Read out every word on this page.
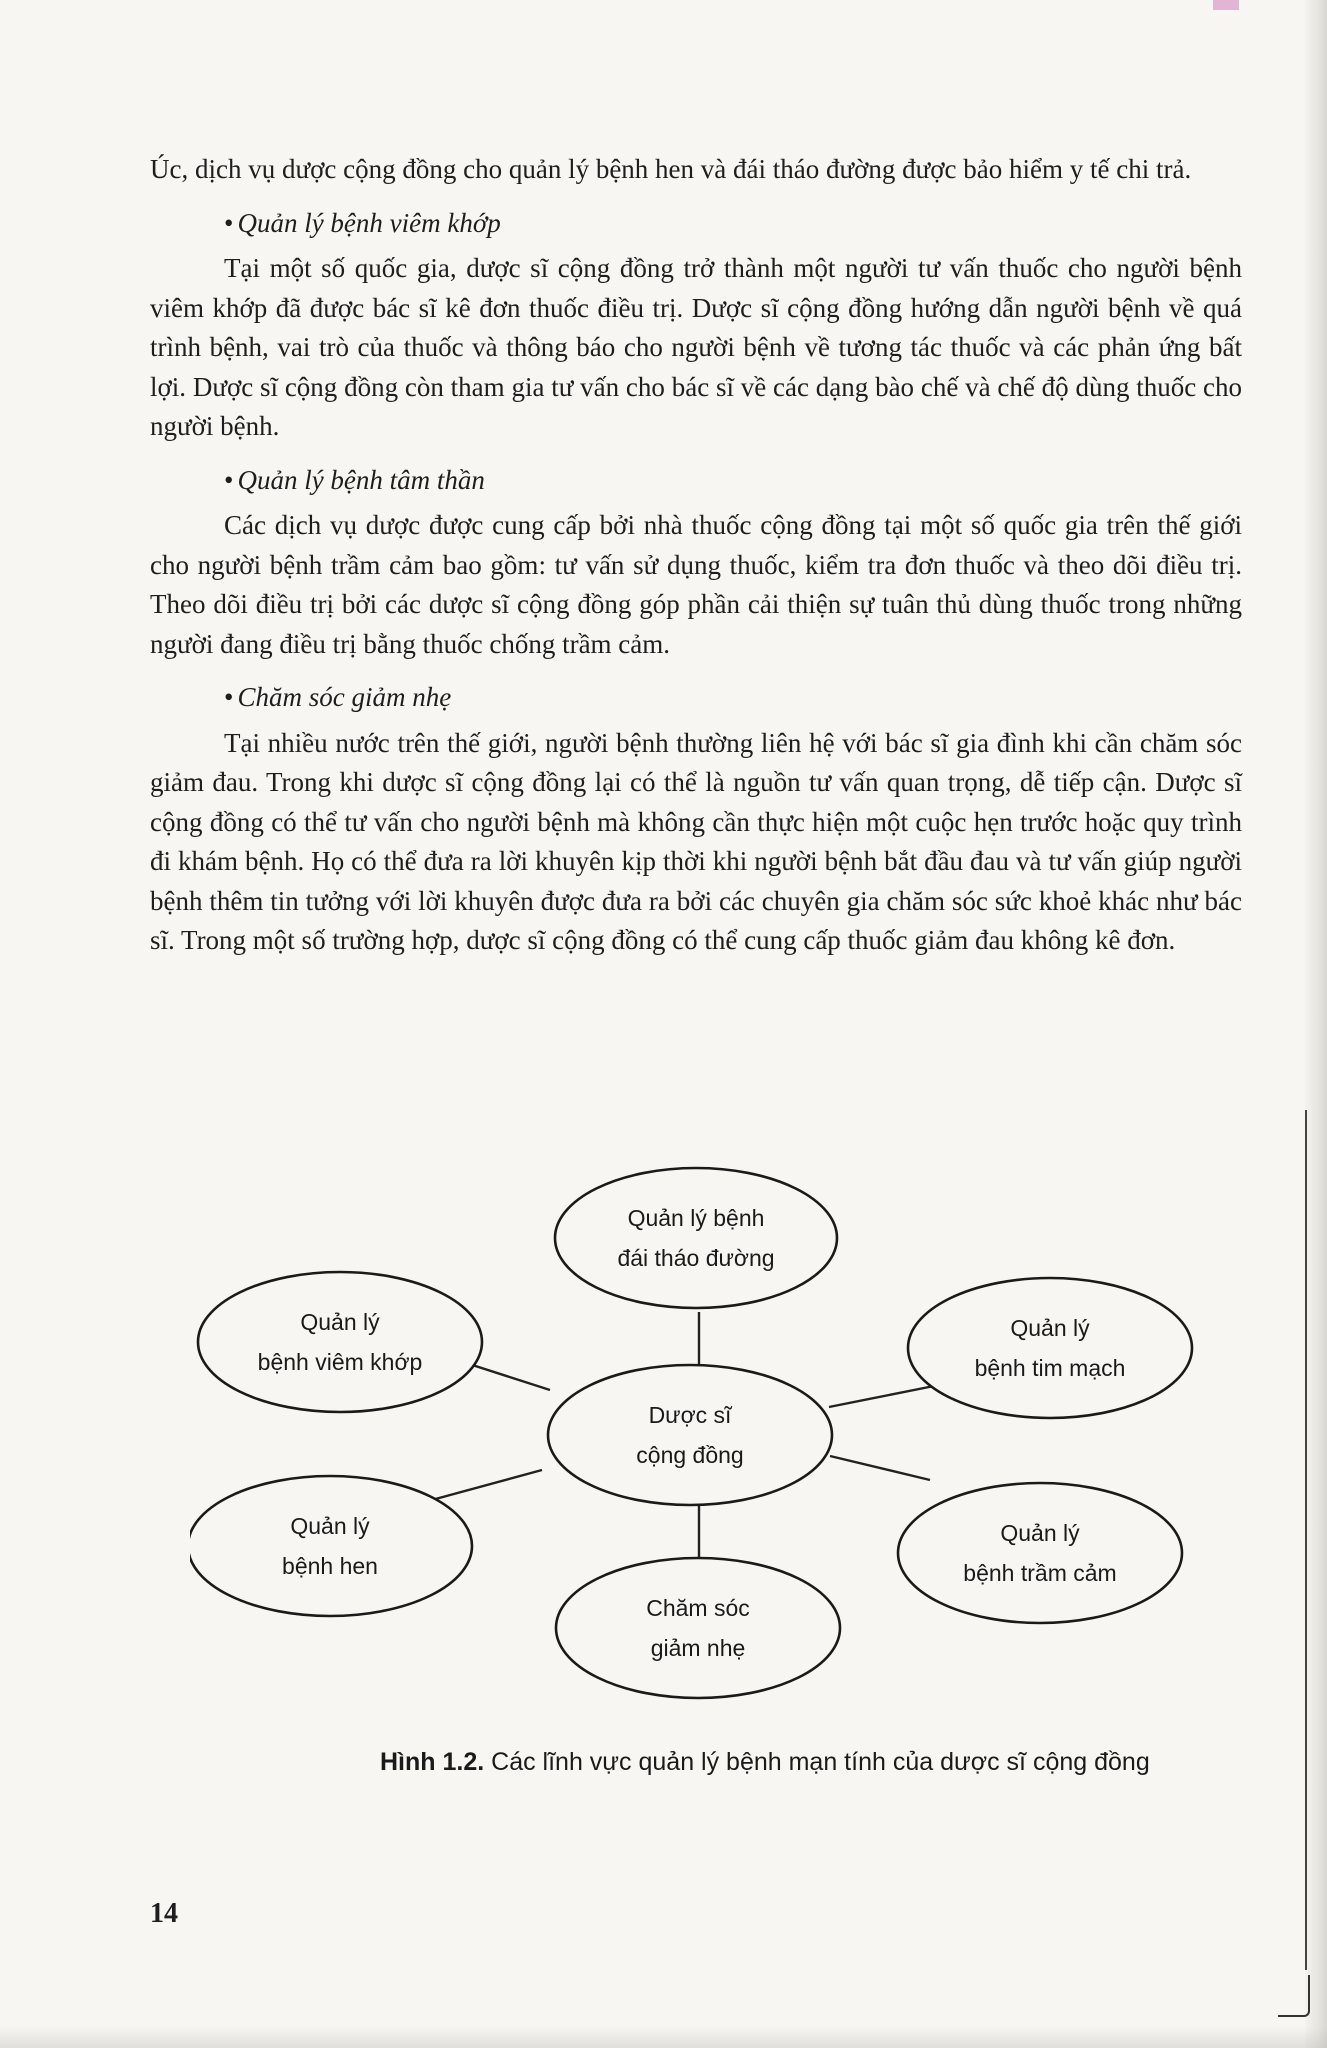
Úc, dịch vụ dược cộng đồng cho quản lý bệnh hen và đái tháo đường được bảo hiểm y tế chi trả.

• Quản lý bệnh viêm khớp

Tại một số quốc gia, dược sĩ cộng đồng trở thành một người tư vấn thuốc cho người bệnh viêm khớp đã được bác sĩ kê đơn thuốc điều trị. Dược sĩ cộng đồng hướng dẫn người bệnh về quá trình bệnh, vai trò của thuốc và thông báo cho người bệnh về tương tác thuốc và các phản ứng bất lợi. Dược sĩ cộng đồng còn tham gia tư vấn cho bác sĩ về các dạng bào chế và chế độ dùng thuốc cho người bệnh.

• Quản lý bệnh tâm thần

Các dịch vụ dược được cung cấp bởi nhà thuốc cộng đồng tại một số quốc gia trên thế giới cho người bệnh trầm cảm bao gồm: tư vấn sử dụng thuốc, kiểm tra đơn thuốc và theo dõi điều trị. Theo dõi điều trị bởi các dược sĩ cộng đồng góp phần cải thiện sự tuân thủ dùng thuốc trong những người đang điều trị bằng thuốc chống trầm cảm.

• Chăm sóc giảm nhẹ

Tại nhiều nước trên thế giới, người bệnh thường liên hệ với bác sĩ gia đình khi cần chăm sóc giảm đau. Trong khi dược sĩ cộng đồng lại có thể là nguồn tư vấn quan trọng, dễ tiếp cận. Dược sĩ cộng đồng có thể tư vấn cho người bệnh mà không cần thực hiện một cuộc hẹn trước hoặc quy trình đi khám bệnh. Họ có thể đưa ra lời khuyên kịp thời khi người bệnh bắt đầu đau và tư vấn giúp người bệnh thêm tin tưởng với lời khuyên được đưa ra bởi các chuyên gia chăm sóc sức khoẻ khác như bác sĩ. Trong một số trường hợp, dược sĩ cộng đồng có thể cung cấp thuốc giảm đau không kê đơn.

Quản lý bệnh
đái tháo đường
Quản lý
bệnh viêm khớp
Quản lý
bệnh tim mạch
Dược sĩ
cộng đồng
Quản lý
bệnh hen
Quản lý
bệnh trầm cảm
Chăm sóc
giảm nhẹ
Hình 1.2. Các lĩnh vực quản lý bệnh mạn tính của dược sĩ cộng đồng
14
